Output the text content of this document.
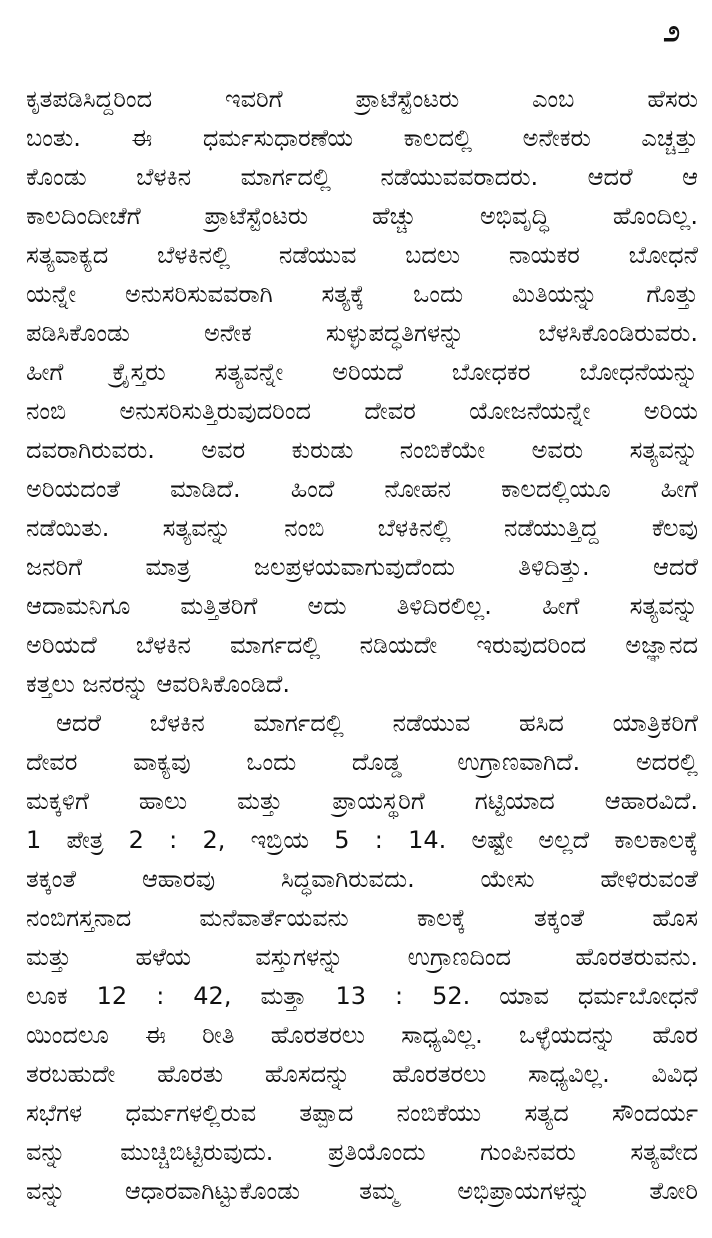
೨
ಕೃತಪಡಿಸಿದ್ದರಿಂದ ಇವರಿಗೆ ಪ್ರಾಟೆಸ್ಟೆಂಟರು ಎಂಬ ಹೆಸರು
ಬಂತು. ಈ ಧರ್ಮಸುಧಾರಣೆಯ ಕಾಲದಲ್ಲಿ ಅನೇಕರು ಎಚ್ಚತ್ತು
ಕೊಂಡು ಬೆಳಕಿನ ಮಾರ್ಗದಲ್ಲಿ ನಡೆಯುವವರಾದರು. ಆದರೆ ಆ
ಕಾಲದಿಂದೀಚೆಗೆ ಪ್ರಾಟೆಸ್ಟೆಂಟರು ಹೆಚ್ಚು ಅಭಿವೃದ್ಧಿ ಹೊಂದಿಲ್ಲ.
ಸತ್ಯವಾಕ್ಯದ ಬೆಳಕಿನಲ್ಲಿ ನಡೆಯುವ ಬದಲು ನಾಯಕರ ಬೋಧನೆ
ಯನ್ನೇ ಅನುಸರಿಸುವವರಾಗಿ ಸತ್ಯಕ್ಕೆ ಒಂದು ಮಿತಿಯನ್ನು ಗೊತ್ತು
ಪಡಿಸಿಕೊಂಡು ಅನೇಕ ಸುಳ್ಳುಪದ್ಧತಿಗಳನ್ನು ಬೆಳಸಿಕೊಂಡಿರುವರು.
ಹೀಗೆ ಕ್ರೈಸ್ತರು ಸತ್ಯವನ್ನೇ ಅರಿಯದೆ ಬೋಧಕರ ಬೋಧನೆಯನ್ನು
ನಂಬಿ ಅನುಸರಿಸುತ್ತಿರುವುದರಿಂದ ದೇವರ ಯೋಜನೆಯನ್ನೇ ಅರಿಯ
ದವರಾಗಿರುವರು. ಅವರ ಕುರುಡು ನಂಬಿಕೆಯೇ ಅವರು ಸತ್ಯವನ್ನು
ಅರಿಯದಂತೆ ಮಾಡಿದೆ. ಹಿಂದೆ ನೋಹನ ಕಾಲದಲ್ಲಿಯೂ ಹೀಗೆ
ನಡೆಯಿತು. ಸತ್ಯವನ್ನು ನಂಬಿ ಬೆಳಕಿನಲ್ಲಿ ನಡೆಯುತ್ತಿದ್ದ ಕೆಲವು
ಜನರಿಗೆ ಮಾತ್ರ ಜಲಪ್ರಳಯವಾಗುವುದೆಂದು ತಿಳಿದಿತ್ತು. ಆದರೆ
ಆದಾಮನಿಗೂ ಮತ್ತಿತರಿಗೆ ಅದು ತಿಳಿದಿರಲಿಲ್ಲ. ಹೀಗೆ ಸತ್ಯವನ್ನು
ಅರಿಯದೆ ಬೆಳಕಿನ ಮಾರ್ಗದಲ್ಲಿ ನಡಿಯದೇ ಇರುವುದರಿಂದ ಅಜ್ಞಾನದ
ಕತ್ತಲು ಜನರನ್ನು ಆವರಿಸಿಕೊಂಡಿದೆ.
ಆದರೆ ಬೆಳಕಿನ ಮಾರ್ಗದಲ್ಲಿ ನಡೆಯುವ ಹಸಿದ ಯಾತ್ರಿಕರಿಗೆ
ದೇವರ ವಾಕ್ಯವು ಒಂದು ದೊಡ್ಡ ಉಗ್ರಾಣವಾಗಿದೆ. ಅದರಲ್ಲಿ
ಮಕ್ಕಳಿಗೆ ಹಾಲು ಮತ್ತು ಪ್ರಾಯಸ್ಥರಿಗೆ ಗಟ್ಟಿಯಾದ ಆಹಾರವಿದೆ.
1 ಪೇತ್ರ 2 : 2, ಇಬ್ರಿಯ 5 : 14. ಅಷ್ಟೇ ಅಲ್ಲದೆ ಕಾಲಕಾಲಕ್ಕೆ
ತಕ್ಕಂತೆ ಆಹಾರವು ಸಿದ್ಧವಾಗಿರುವದು. ಯೇಸು ಹೇಳಿರುವಂತೆ
ನಂಬಿಗಸ್ತನಾದ ಮನೆವಾರ್ತೆಯವನು ಕಾಲಕ್ಕೆ ತಕ್ಕಂತೆ ಹೊಸ
ಮತ್ತು ಹಳೆಯ ವಸ್ತುಗಳನ್ನು ಉಗ್ರಾಣದಿಂದ ಹೊರತರುವನು.
ಲೂಕ 12 : 42, ಮತ್ತಾ 13 : 52. ಯಾವ ಧರ್ಮಬೋಧನೆ
ಯಿಂದಲೂ ಈ ರೀತಿ ಹೊರತರಲು ಸಾಧ್ಯವಿಲ್ಲ. ಒಳ್ಳೆಯದನ್ನು ಹೊರ
ತರಬಹುದೇ ಹೊರತು ಹೊಸದನ್ನು ಹೊರತರಲು ಸಾಧ್ಯವಿಲ್ಲ. ವಿವಿಧ
ಸಭೆಗಳ ಧರ್ಮಗಳಲ್ಲಿರುವ ತಪ್ಪಾದ ನಂಬಿಕೆಯು ಸತ್ಯದ ಸೌಂದರ್ಯ
ವನ್ನು ಮುಚ್ಚಿಬಿಟ್ಟಿರುವುದು. ಪ್ರತಿಯೊಂದು ಗುಂಪಿನವರು ಸತ್ಯವೇದ
ವನ್ನು ಆಧಾರವಾಗಿಟ್ಟುಕೊಂಡು ತಮ್ಮ ಅಭಿಪ್ರಾಯಗಳನ್ನು ತೋರಿ
